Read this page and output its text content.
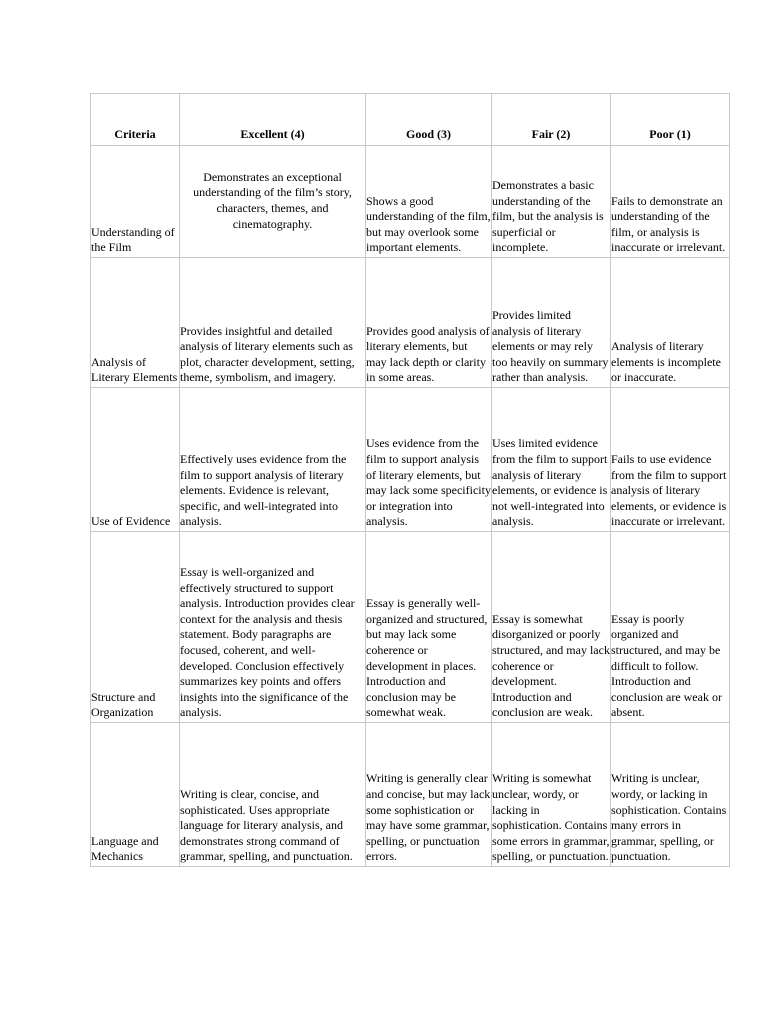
Criteria	Excellent (4)	Good (3)	Fair (2)	Poor (1)
Understanding of the Film	Demonstrates an exceptional understanding of the film’s story, characters, themes, and cinematography.	Shows a good understanding of the film, but may overlook some important elements.	Demonstrates a basic understanding of the film, but the analysis is superficial or incomplete.	Fails to demonstrate an understanding of the film, or analysis is inaccurate or irrelevant.
Analysis of Literary Elements	Provides insightful and detailed analysis of literary elements such as plot, character development, setting, theme, symbolism, and imagery.	Provides good analysis of literary elements, but may lack depth or clarity in some areas.	Provides limited analysis of literary elements or may rely too heavily on summary rather than analysis.	Analysis of literary elements is incomplete or inaccurate.
Use of Evidence	Effectively uses evidence from the film to support analysis of literary elements. Evidence is relevant, specific, and well-integrated into analysis.	Uses evidence from the film to support analysis of literary elements, but may lack some specificity or integration into analysis.	Uses limited evidence from the film to support analysis of literary elements, or evidence is not well-integrated into analysis.	Fails to use evidence from the film to support analysis of literary elements, or evidence is inaccurate or irrelevant.
Structure and Organization	Essay is well-organized and effectively structured to support analysis. Introduction provides clear context for the analysis and thesis statement. Body paragraphs are focused, coherent, and well-developed. Conclusion effectively summarizes key points and offers insights into the significance of the analysis.	Essay is generally well-organized and structured, but may lack some coherence or development in places. Introduction and conclusion may be somewhat weak.	Essay is somewhat disorganized or poorly structured, and may lack coherence or development. Introduction and conclusion are weak.	Essay is poorly organized and structured, and may be difficult to follow. Introduction and conclusion are weak or absent.
Language and Mechanics	Writing is clear, concise, and sophisticated. Uses appropriate language for literary analysis, and demonstrates strong command of grammar, spelling, and punctuation.	Writing is generally clear and concise, but may lack some sophistication or may have some grammar, spelling, or punctuation errors.	Writing is somewhat unclear, wordy, or lacking in sophistication. Contains some errors in grammar, spelling, or punctuation.	Writing is unclear, wordy, or lacking in sophistication. Contains many errors in grammar, spelling, or punctuation.
